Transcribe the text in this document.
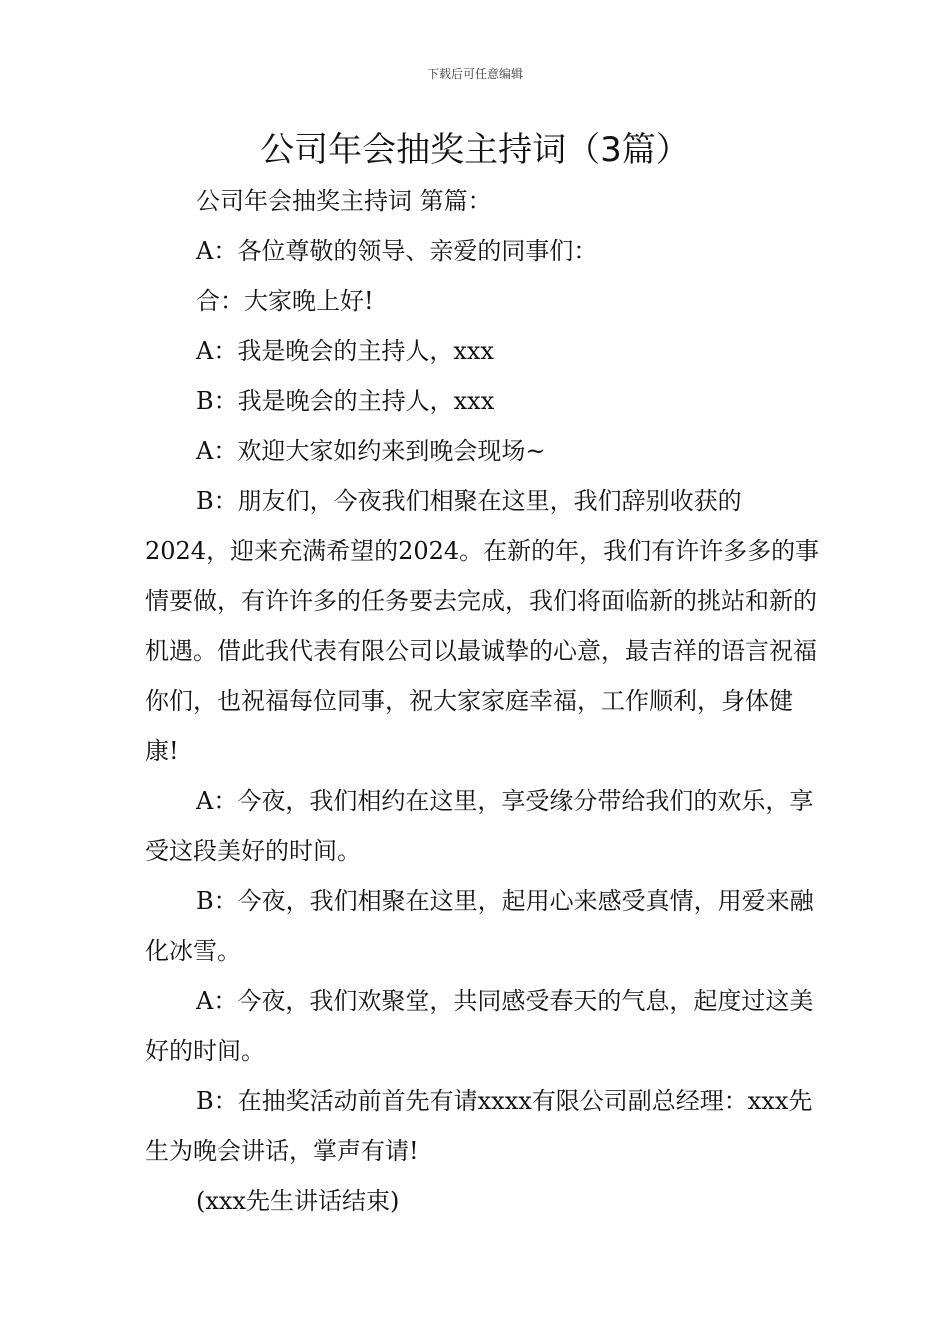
下载后可任意编辑
公司年会抽奖主持词（3篇）

公司年会抽奖主持词 第篇：

A：各位尊敬的领导、亲爱的同事们：

合：大家晚上好!

A：我是晚会的主持人，xxx

B：我是晚会的主持人，xxx

A：欢迎大家如约来到晚会现场~

B：朋友们，今夜我们相聚在这里，我们辞别收获的2024，迎来充满希望的2024。在新的年，我们有许许多多的事情要做，有许许多的任务要去完成，我们将面临新的挑站和新的机遇。借此我代表有限公司以最诚挚的心意，最吉祥的语言祝福你们，也祝福每位同事，祝大家家庭幸福，工作顺利，身体健康!

A：今夜，我们相约在这里，享受缘分带给我们的欢乐，享受这段美好的时间。

B：今夜，我们相聚在这里，起用心来感受真情，用爱来融化冰雪。

A：今夜，我们欢聚堂，共同感受春天的气息，起度过这美好的时间。

B：在抽奖活动前首先有请xxxx有限公司副总经理：xxx先生为晚会讲话，掌声有请!

(xxx先生讲话结束)
